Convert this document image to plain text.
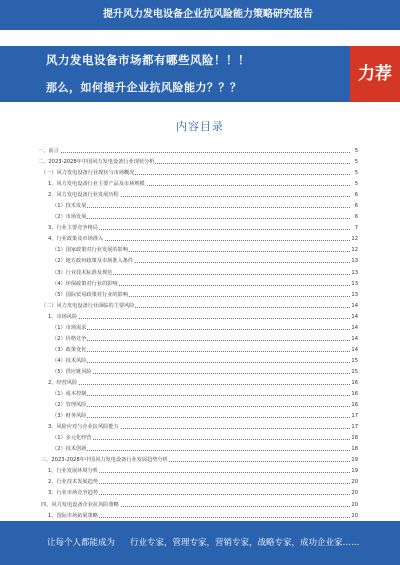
提升风力发电设备企业抗风险能力策略研究报告
风力发电设备市场都有哪些风险！！！
那么，如何提升企业抗风险能力？？？
力荐
内容目录
一、前言	5
二、2023-2028年中国风力发电设备行业现状分析	5
（一）风力发电设备行业现状与市场概况	5
1、风力发电设备行业主要产品及市场规模	5
2、风力发电设备行业发展历程	6
（1）技术发展	6
（2）市场发展	6
3、行业主要竞争格局	7
4、行业政策及市场准入	12
（1）国家政策对行业发展的影响	12
（2）地方政府政策及市场准入条件	13
（3）行业技术标准及规范	13
（4）环保政策对行业的影响	13
（5）国际贸易政策对行业的影响	13
（二）风力发电设备行业面临的主要风险	14
1、市场风险	14
（1）市场需求	14
（2）价格竞争	14
（3）政策变化	14
（4）技术风险	15
（5）供应链风险	15
2、经营风险	16
（1）成本控制	16
（2）管理风险	16
（3）财务风险	17
3、风险应对与企业抗风险能力	17
（1）多元化经营	18
（2）技术创新	18
三、2023-2028年中国风力发电设备行业发展趋势分析	19
1、行业发展环境分析	19
2、行业技术发展趋势	20
3、行业市场竞争趋势	20
四、风力发电设备企业抗风险策略	20
1、国际市场拓展策略	20
让每个人都能成为 行业专家，管理专家，营销专家，战略专家，成功企业家……
